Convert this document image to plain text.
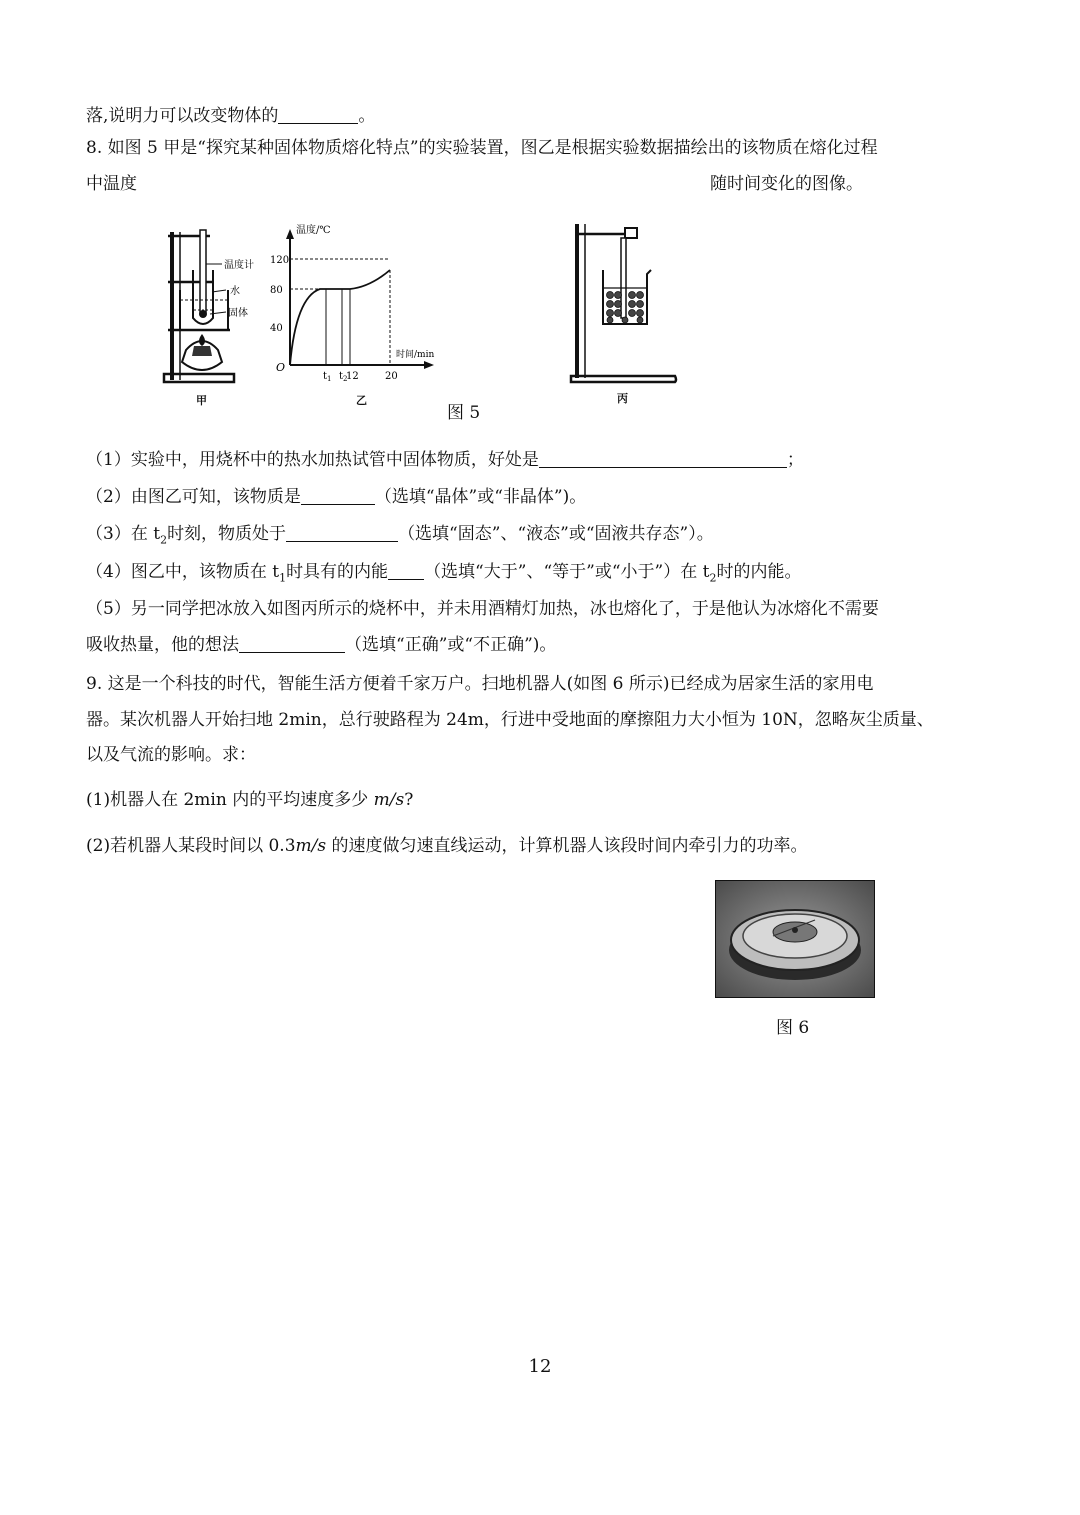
落,说明力可以改变物体的	。
8. 如图 5 甲是“探究某种固体物质熔化特点”的实验装置，图乙是根据实验数据描绘出的该物质在熔化过程
中温度	随时间变化的图像。
温度计
水
固体
甲
120
80
40
$t_1$ $t_2$
12	20
O
温度/℃
时间/min
乙
图 5
丙
（1）实验中，用烧杯中的热水加热试管中固体物质，好处是	；
（2）由图乙可知，该物质是	（选填“晶体”或“非晶体”)。
（3）在 $t_2$时刻，物质处于	（选填“固态”、“液态”或“固液共存态”）。
（4）图乙中，该物质在 $t_1$时具有的内能 （选填“大于”、“等于”或“小于”）在 $t_2$时的内能。
（5）另一同学把冰放入如图丙所示的烧杯中，并未用酒精灯加热，冰也熔化了，于是他认为冰熔化不需要
吸收热量，他的想法	（选填“正确”或“不正确”)。
9. 这是一个科技的时代，智能生活方便着千家万户。扫地机器人(如图 6 所示)已经成为居家生活的家用电
器。某次机器人开始扫地 2min，总行驶路程为 24m，行进中受地面的摩擦阻力大小恒为 10N，忽略灰尘质量、
以及气流的影响。求：
(1)机器人在 2min 内的平均速度多少 m/s?
(2)若机器人某段时间以 0.3m/s 的速度做匀速直线运动，计算机器人该段时间内牵引力的功率。
图 6
12
